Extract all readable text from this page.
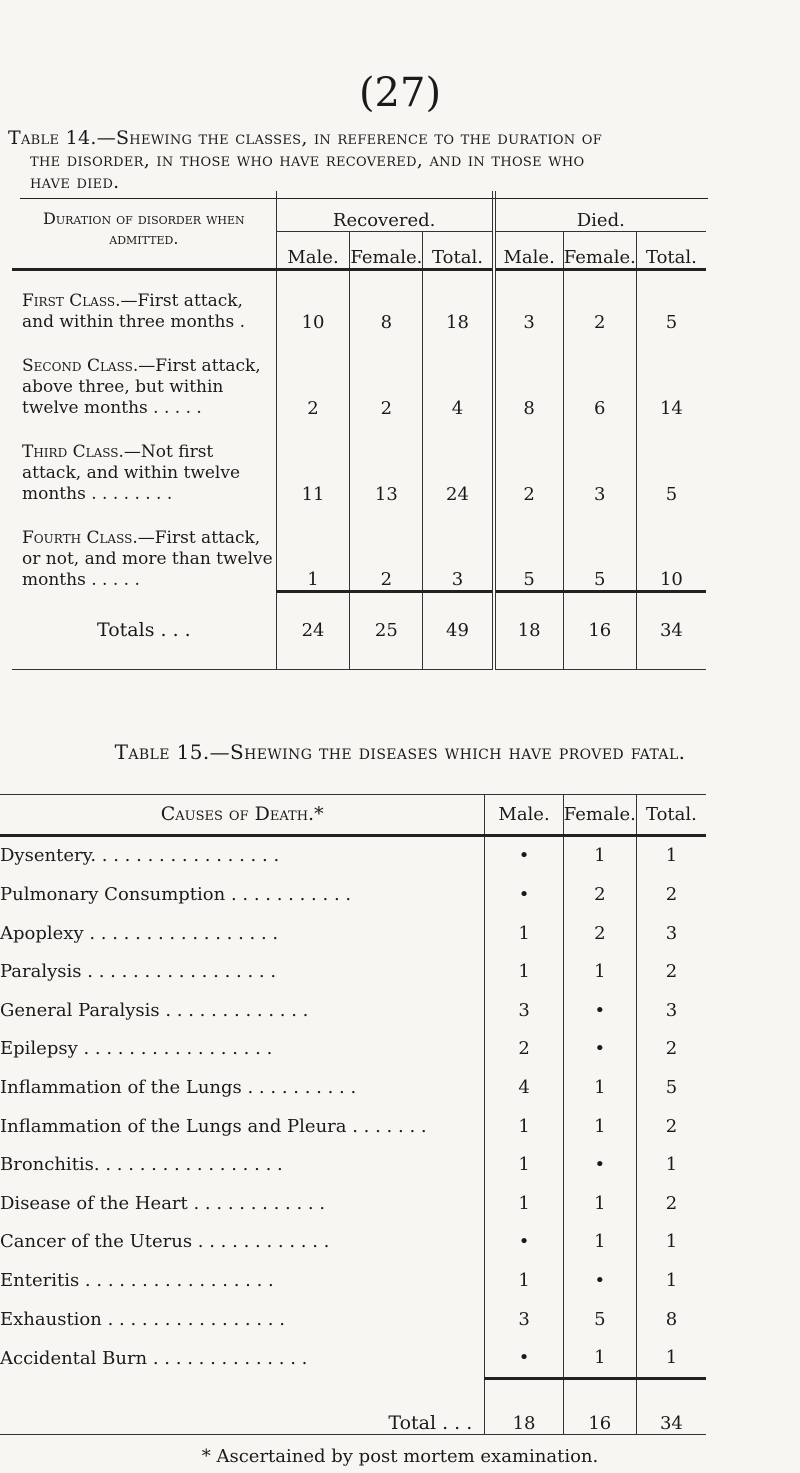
(27)
Table 14.—Shewing the classes, in reference to the duration of
the disorder, in those who have recovered, and in those who
have died.
Duration of disorder when admitted.	Recovered.			Died.		
	Male.	Female.	Total.	Male.	Female.	Total.
First Class.—First attack, and within three months .	10	8	18	3	2	5
Second Class.—First attack, above three, but within twelve months . . . . .	2	2	4	8	6	14
Third Class.—Not first attack, and within twelve months . . . . . . . .	11	13	24	2	3	5
Fourth Class.—First attack, or not, and more than twelve months . . . . .	1	2	3	5	5	10
Totals . . .	24	25	49	18	16	34
Table 15.—Shewing the diseases which have proved fatal.
Causes of Death.*	Male.	Female.	Total.
Dysentery. . . . . . . . . . . . . . . . .	•	1	1
Pulmonary Consumption . . . . . . . . . . .	•	2	2
Apoplexy . . . . . . . . . . . . . . . . .	1	2	3
Paralysis . . . . . . . . . . . . . . . . .	1	1	2
General Paralysis . . . . . . . . . . . . .	3	•	3
Epilepsy . . . . . . . . . . . . . . . . .	2	•	2
Inflammation of the Lungs . . . . . . . . . .	4	1	5
Inflammation of the Lungs and Pleura . . . . . . .	1	1	2
Bronchitis. . . . . . . . . . . . . . . . .	1	•	1
Disease of the Heart . . . . . . . . . . . .	1	1	2
Cancer of the Uterus . . . . . . . . . . . .	•	1	1
Enteritis . . . . . . . . . . . . . . . . .	1	•	1
Exhaustion . . . . . . . . . . . . . . . .	3	5	8
Accidental Burn . . . . . . . . . . . . . .	•	1	1
Total . . .	18	16	34
* Ascertained by post mortem examination.
